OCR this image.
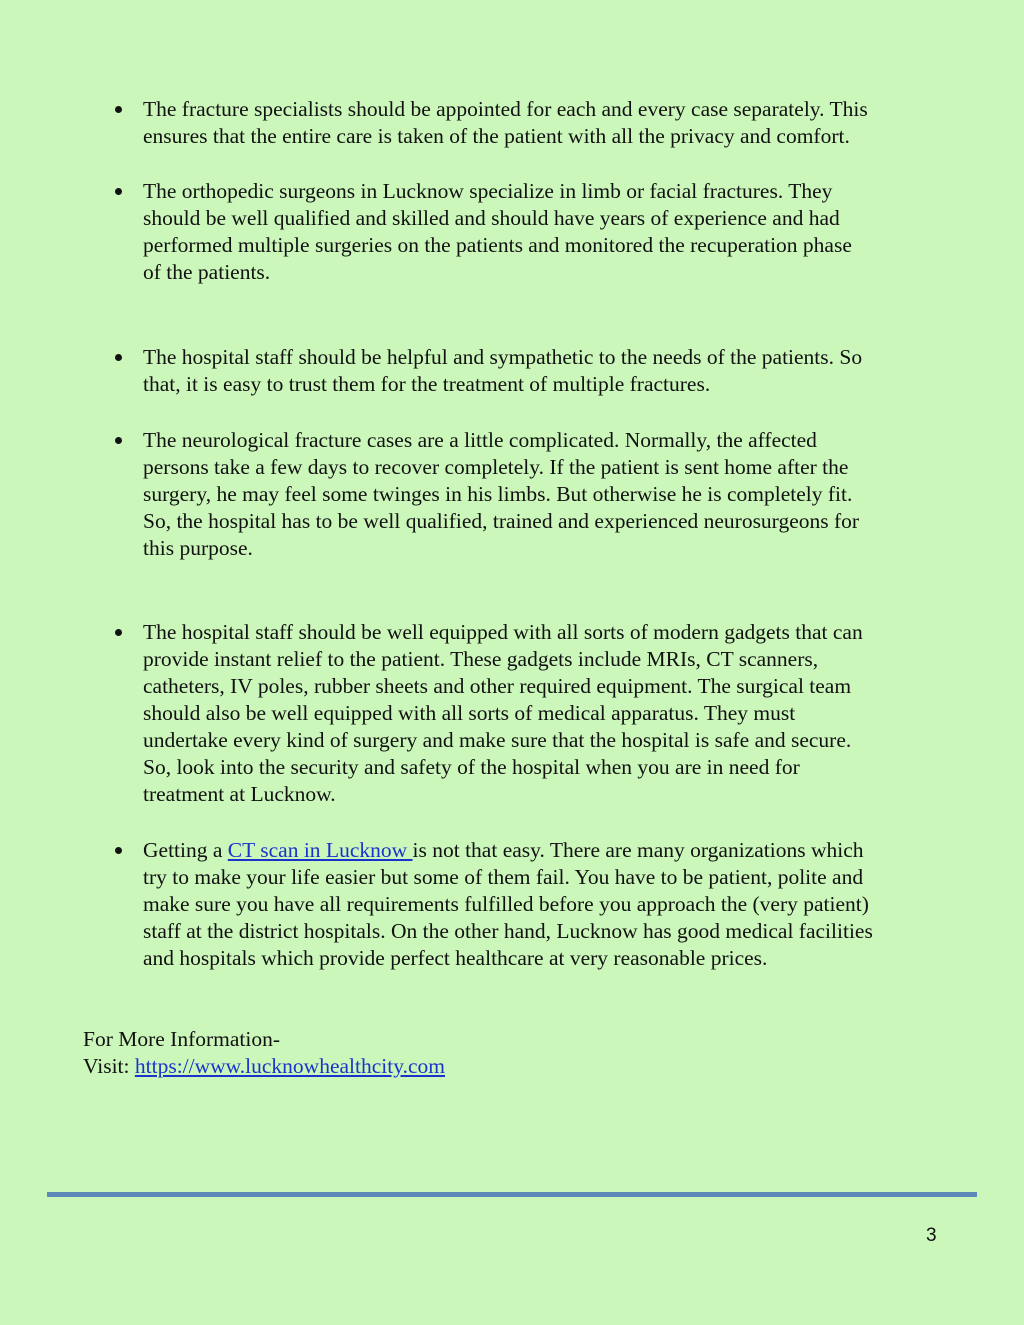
The fracture specialists should be appointed for each and every case separately. This
ensures that the entire care is taken of the patient with all the privacy and comfort.
The orthopedic surgeons in Lucknow specialize in limb or facial fractures. They
should be well qualified and skilled and should have years of experience and had
performed multiple surgeries on the patients and monitored the recuperation phase
of the patients.
The hospital staff should be helpful and sympathetic to the needs of the patients. So
that, it is easy to trust them for the treatment of multiple fractures.
The neurological fracture cases are a little complicated. Normally, the affected
persons take a few days to recover completely. If the patient is sent home after the
surgery, he may feel some twinges in his limbs. But otherwise he is completely fit.
So, the hospital has to be well qualified, trained and experienced neurosurgeons for
this purpose.
The hospital staff should be well equipped with all sorts of modern gadgets that can
provide instant relief to the patient. These gadgets include MRIs, CT scanners,
catheters, IV poles, rubber sheets and other required equipment. The surgical team
should also be well equipped with all sorts of medical apparatus. They must
undertake every kind of surgery and make sure that the hospital is safe and secure.
So, look into the security and safety of the hospital when you are in need for
treatment at Lucknow.
Getting a CT scan in Lucknow is not that easy. There are many organizations which
try to make your life easier but some of them fail. You have to be patient, polite and
make sure you have all requirements fulfilled before you approach the (very patient)
staff at the district hospitals. On the other hand, Lucknow has good medical facilities
and hospitals which provide perfect healthcare at very reasonable prices.
For More Information-
Visit: https://www.lucknowhealthcity.com
3
